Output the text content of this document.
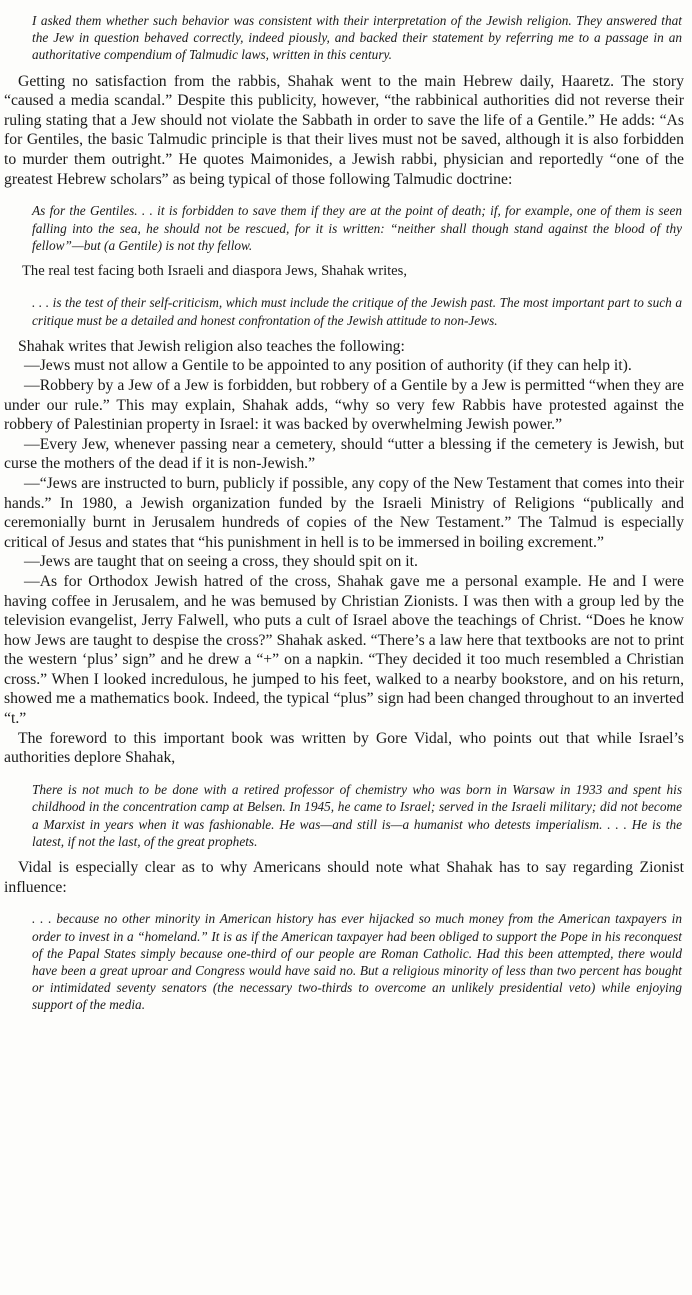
I asked them whether such behavior was consistent with their interpretation of the Jewish religion. They answered that the Jew in question behaved correctly, indeed piously, and backed their statement by referring me to a passage in an authoritative compendium of Talmudic laws, written in this century.

Getting no satisfaction from the rabbis, Shahak went to the main Hebrew daily, Haaretz. The story “caused a media scandal.” Despite this publicity, however, “the rabbinical authorities did not reverse their ruling stating that a Jew should not violate the Sabbath in order to save the life of a Gentile.” He adds: “As for Gentiles, the basic Talmudic principle is that their lives must not be saved, although it is also forbidden to murder them outright.” He quotes Maimonides, a Jewish rabbi, physician and reportedly “one of the greatest Hebrew scholars” as being typical of those following Talmudic doctrine:

As for the Gentiles. . . it is forbidden to save them if they are at the point of death; if, for example, one of them is seen falling into the sea, he should not be rescued, for it is written: “neither shall though stand against the blood of thy fellow”—but (a Gentile) is not thy fellow.

The real test facing both Israeli and diaspora Jews, Shahak writes,

. . . is the test of their self-criticism, which must include the critique of the Jewish past. The most important part to such a critique must be a detailed and honest confrontation of the Jewish attitude to non-Jews.

Shahak writes that Jewish religion also teaches the following:

—Jews must not allow a Gentile to be appointed to any position of authority (if they can help it).

—Robbery by a Jew of a Jew is forbidden, but robbery of a Gentile by a Jew is permitted “when they are under our rule.” This may explain, Shahak adds, “why so very few Rabbis have protested against the robbery of Palestinian property in Israel: it was backed by overwhelming Jewish power.”

—Every Jew, whenever passing near a cemetery, should “utter a blessing if the cemetery is Jewish, but curse the mothers of the dead if it is non-Jewish.”

—“Jews are instructed to burn, publicly if possible, any copy of the New Testament that comes into their hands.” In 1980, a Jewish organization funded by the Israeli Ministry of Religions “publically and ceremonially burnt in Jerusalem hundreds of copies of the New Testament.” The Talmud is especially critical of Jesus and states that “his punishment in hell is to be immersed in boiling excrement.”

—Jews are taught that on seeing a cross, they should spit on it.

—As for Orthodox Jewish hatred of the cross, Shahak gave me a personal example. He and I were having coffee in Jerusalem, and he was bemused by Christian Zionists. I was then with a group led by the television evangelist, Jerry Falwell, who puts a cult of Israel above the teachings of Christ. “Does he know how Jews are taught to despise the cross?” Shahak asked. “There’s a law here that textbooks are not to print the western ‘plus’ sign” and he drew a “+” on a napkin. “They decided it too much resembled a Christian cross.” When I looked incredulous, he jumped to his feet, walked to a nearby bookstore, and on his return, showed me a mathematics book. Indeed, the typical “plus” sign had been changed throughout to an inverted “t.”

The foreword to this important book was written by Gore Vidal, who points out that while Israel’s authorities deplore Shahak,

There is not much to be done with a retired professor of chemistry who was born in Warsaw in 1933 and spent his childhood in the concentration camp at Belsen. In 1945, he came to Israel; served in the Israeli military; did not become a Marxist in years when it was fashionable. He was—and still is—a humanist who detests imperialism. . . . He is the latest, if not the last, of the great prophets.

Vidal is especially clear as to why Americans should note what Shahak has to say regarding Zionist influence:

. . . because no other minority in American history has ever hijacked so much money from the American taxpayers in order to invest in a “homeland.” It is as if the American taxpayer had been obliged to support the Pope in his reconquest of the Papal States simply because one-third of our people are Roman Catholic. Had this been attempted, there would have been a great uproar and Congress would have said no. But a religious minority of less than two percent has bought or intimidated seventy senators (the necessary two-thirds to overcome an unlikely presidential veto) while enjoying support of the media.
